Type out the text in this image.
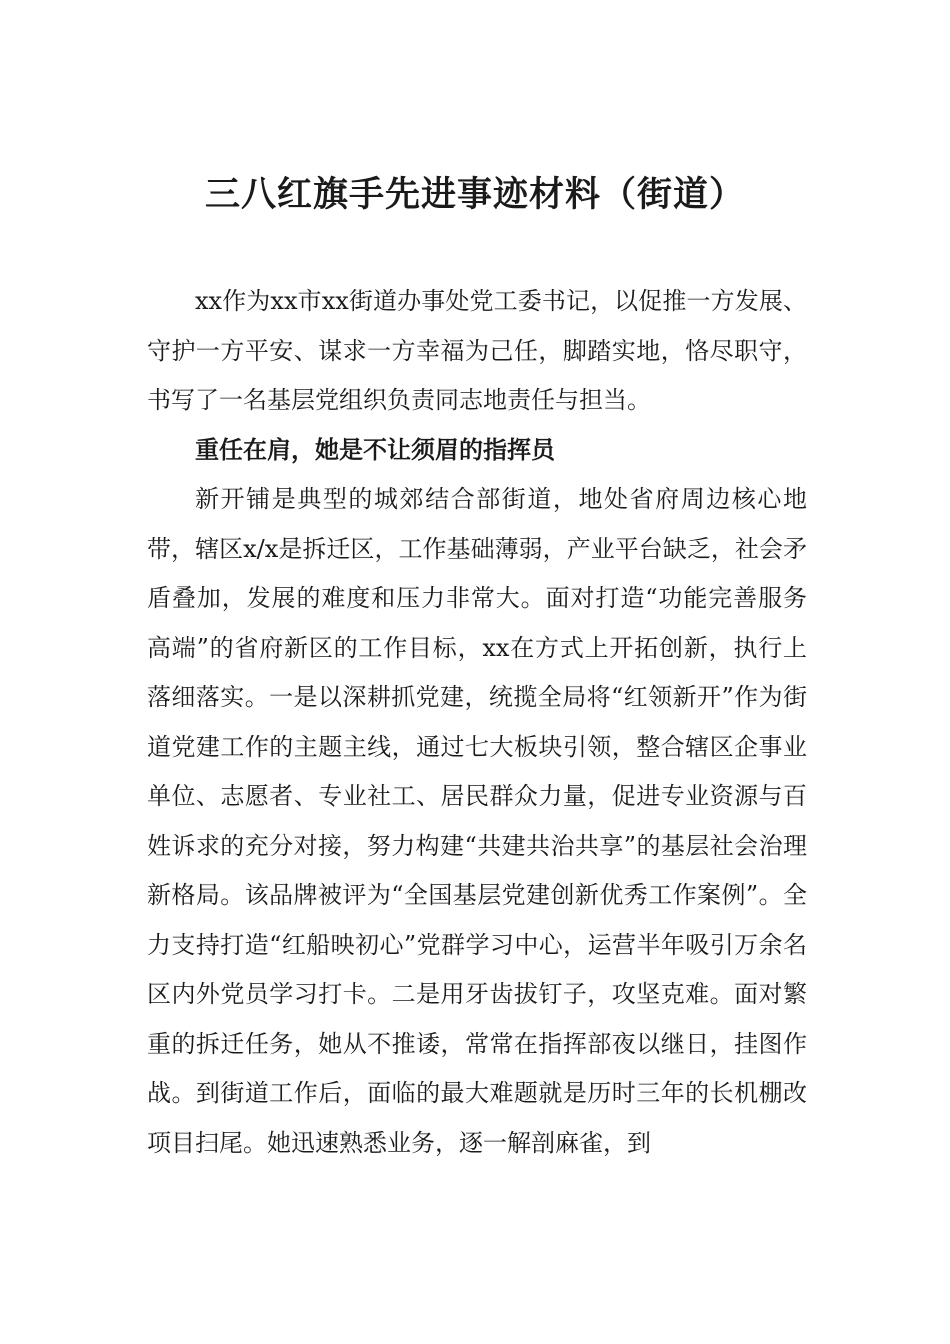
三八红旗手先进事迹材料（街道）

xx作为xx市xx街道办事处党工委书记，以促推一方发展、守护一方平安、谋求一方幸福为己任，脚踏实地，恪尽职守，书写了一名基层党组织负责同志地责任与担当。

重任在肩，她是不让须眉的指挥员

新开铺是典型的城郊结合部街道，地处省府周边核心地带，辖区x/x是拆迁区，工作基础薄弱，产业平台缺乏，社会矛盾叠加，发展的难度和压力非常大。面对打造“功能完善服务高端”的省府新区的工作目标，xx在方式上开拓创新，执行上落细落实。一是以深耕抓党建，统揽全局将“红领新开”作为街道党建工作的主题主线，通过七大板块引领，整合辖区企事业单位、志愿者、专业社工、居民群众力量，促进专业资源与百姓诉求的充分对接，努力构建“共建共治共享”的基层社会治理新格局。该品牌被评为“全国基层党建创新优秀工作案例”。全力支持打造“红船映初心”党群学习中心，运营半年吸引万余名区内外党员学习打卡。二是用牙齿拔钉子，攻坚克难。面对繁重的拆迁任务，她从不推诿，常常在指挥部夜以继日，挂图作战。到街道工作后，面临的最大难题就是历时三年的长机棚改项目扫尾。她迅速熟悉业务，逐一解剖麻雀，到
